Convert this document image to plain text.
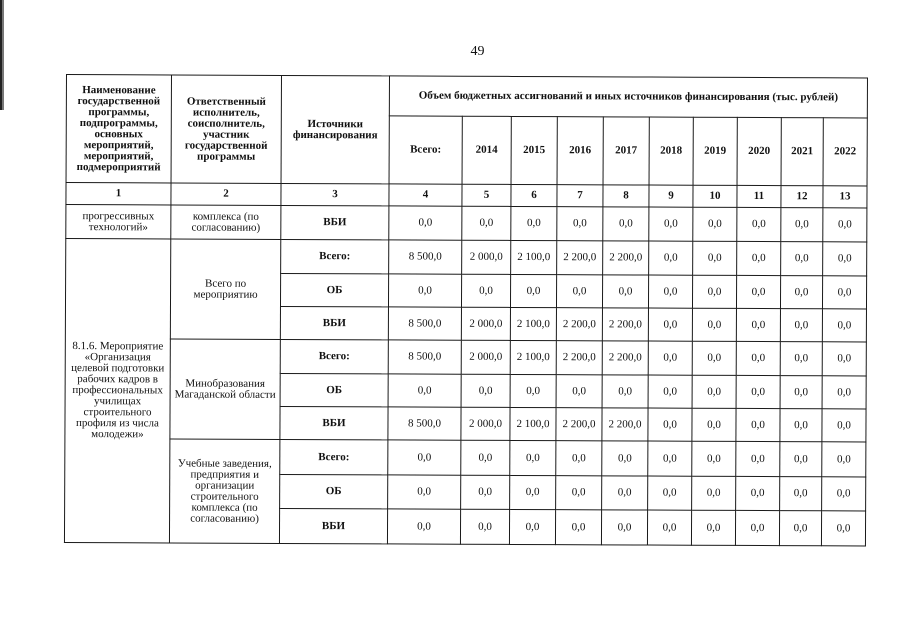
49
Наименование государственной программы, подпрограммы, основных мероприятий, мероприятий, подмероприятий	Ответственный исполнитель, соисполнитель, участник государственной программы	Источники финансирования	Объем бюджетных ассигнований и иных источников финансирования (тыс. рублей)									
			Всего:	2014	2015	2016	2017	2018	2019	2020	2021	2022
1	2	3	4	5	6	7	8	9	10	11	12	13
прогрессивных технологий»	комплекса (по согласованию)	ВБИ	0,0	0,0	0,0	0,0	0,0	0,0	0,0	0,0	0,0	0,0
8.1.6. Мероприятие «Организация целевой подготовки рабочих кадров в профессиональных училищах строительного профиля из числа молодежи»	Всего по мероприятию	Всего:	8 500,0	2 000,0	2 100,0	2 200,0	2 200,0	0,0	0,0	0,0	0,0	0,0
		ОБ	0,0	0,0	0,0	0,0	0,0	0,0	0,0	0,0	0,0	0,0
		ВБИ	8 500,0	2 000,0	2 100,0	2 200,0	2 200,0	0,0	0,0	0,0	0,0	0,0
	Минобразования Магаданской области	Всего:	8 500,0	2 000,0	2 100,0	2 200,0	2 200,0	0,0	0,0	0,0	0,0	0,0
		ОБ	0,0	0,0	0,0	0,0	0,0	0,0	0,0	0,0	0,0	0,0
		ВБИ	8 500,0	2 000,0	2 100,0	2 200,0	2 200,0	0,0	0,0	0,0	0,0	0,0
	Учебные заведения, предприятия и организации строительного комплекса (по согласованию)	Всего:	0,0	0,0	0,0	0,0	0,0	0,0	0,0	0,0	0,0	0,0
		ОБ	0,0	0,0	0,0	0,0	0,0	0,0	0,0	0,0	0,0	0,0
		ВБИ	0,0	0,0	0,0	0,0	0,0	0,0	0,0	0,0	0,0	0,0
